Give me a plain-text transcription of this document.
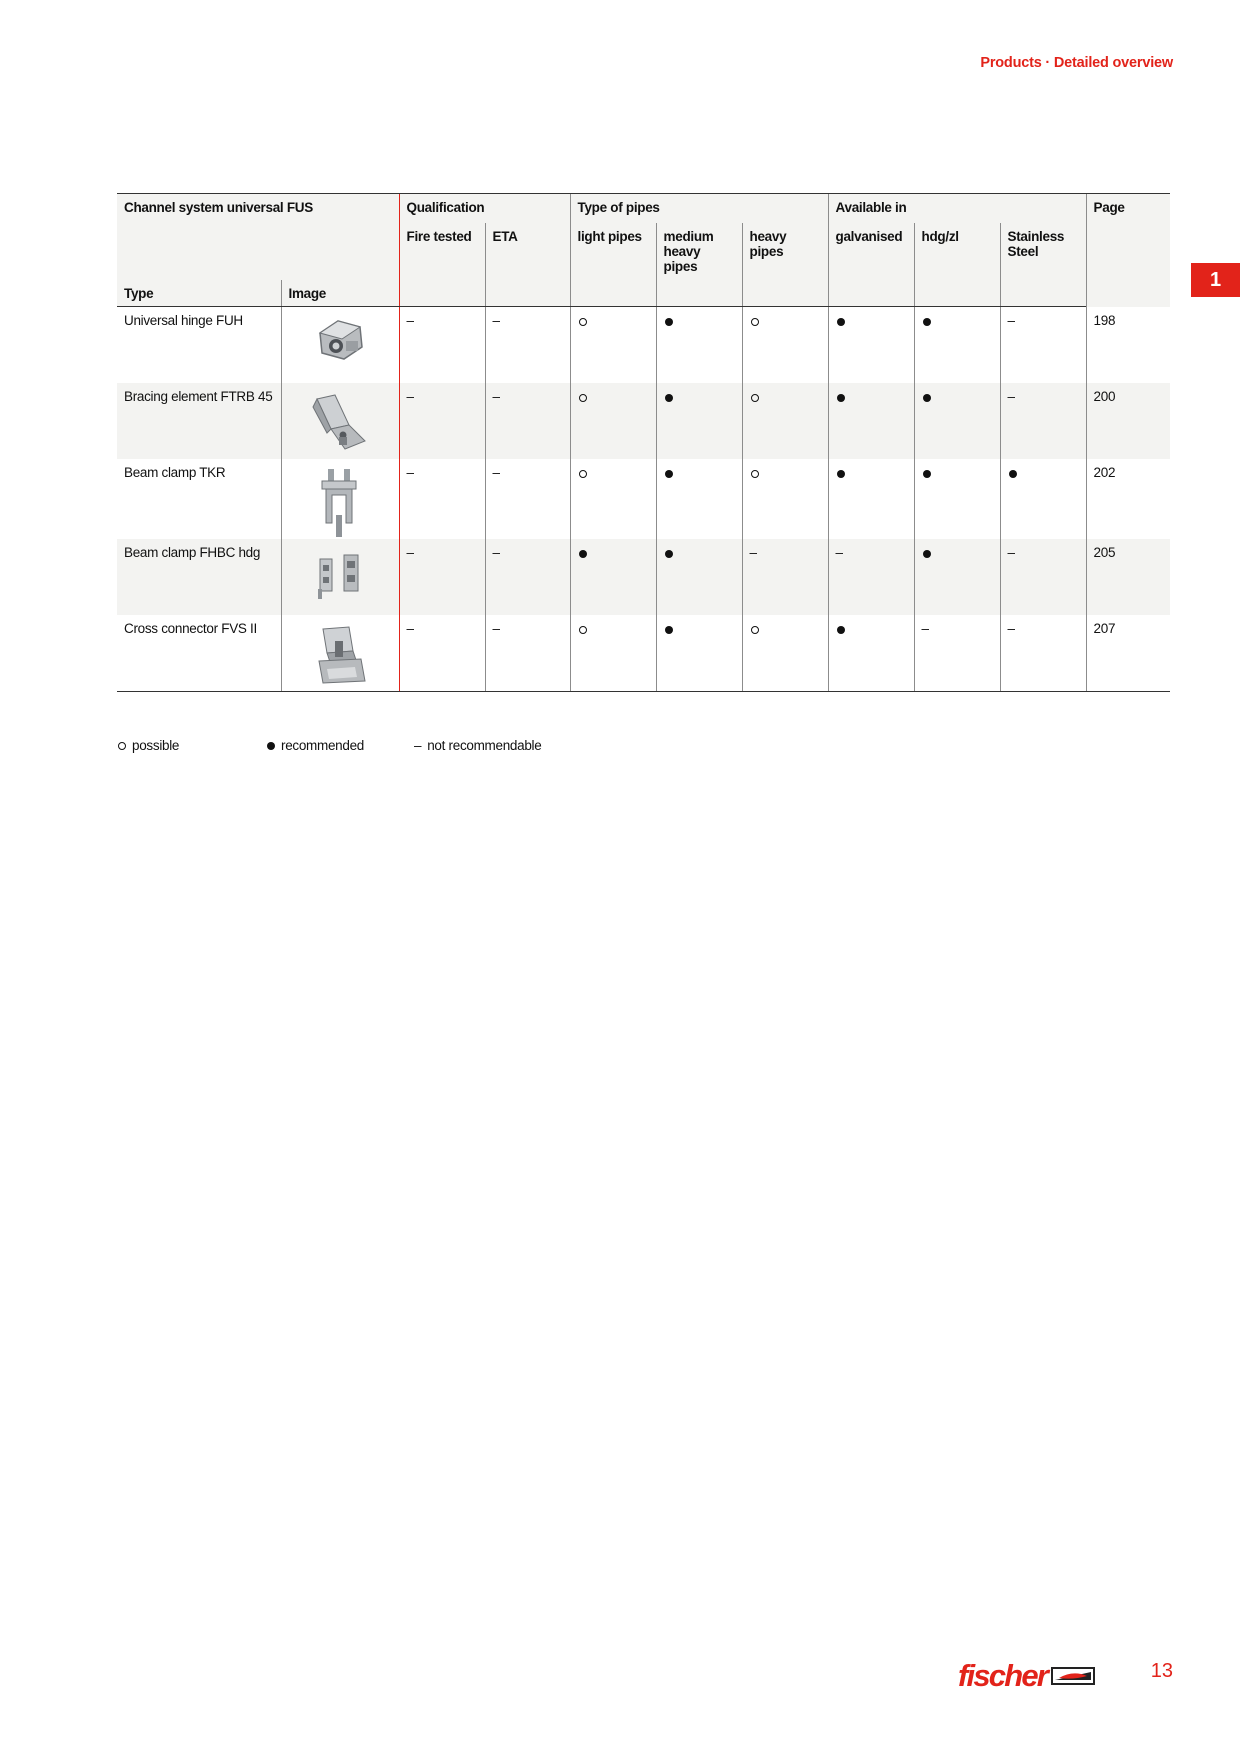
Products · Detailed overview
1
Channel system universal FUS		Qualification		Type of pipes			Available in			Page
		Fire tested	ETA	light pipes	medium heavy pipes	heavy pipes	galvanised	hdg/zl	Stainless Steel	
Type	Image									
Universal hinge FUH		–	–						–	198
Bracing element FTRB 45		–	–						–	200
Beam clamp TKR		–	–							202
Beam clamp FHBC hdg		–	–			–	–		–	205
Cross connector FVS II		–	–					–	–	207
possible	recommended	– not recommendable
fischer	13
